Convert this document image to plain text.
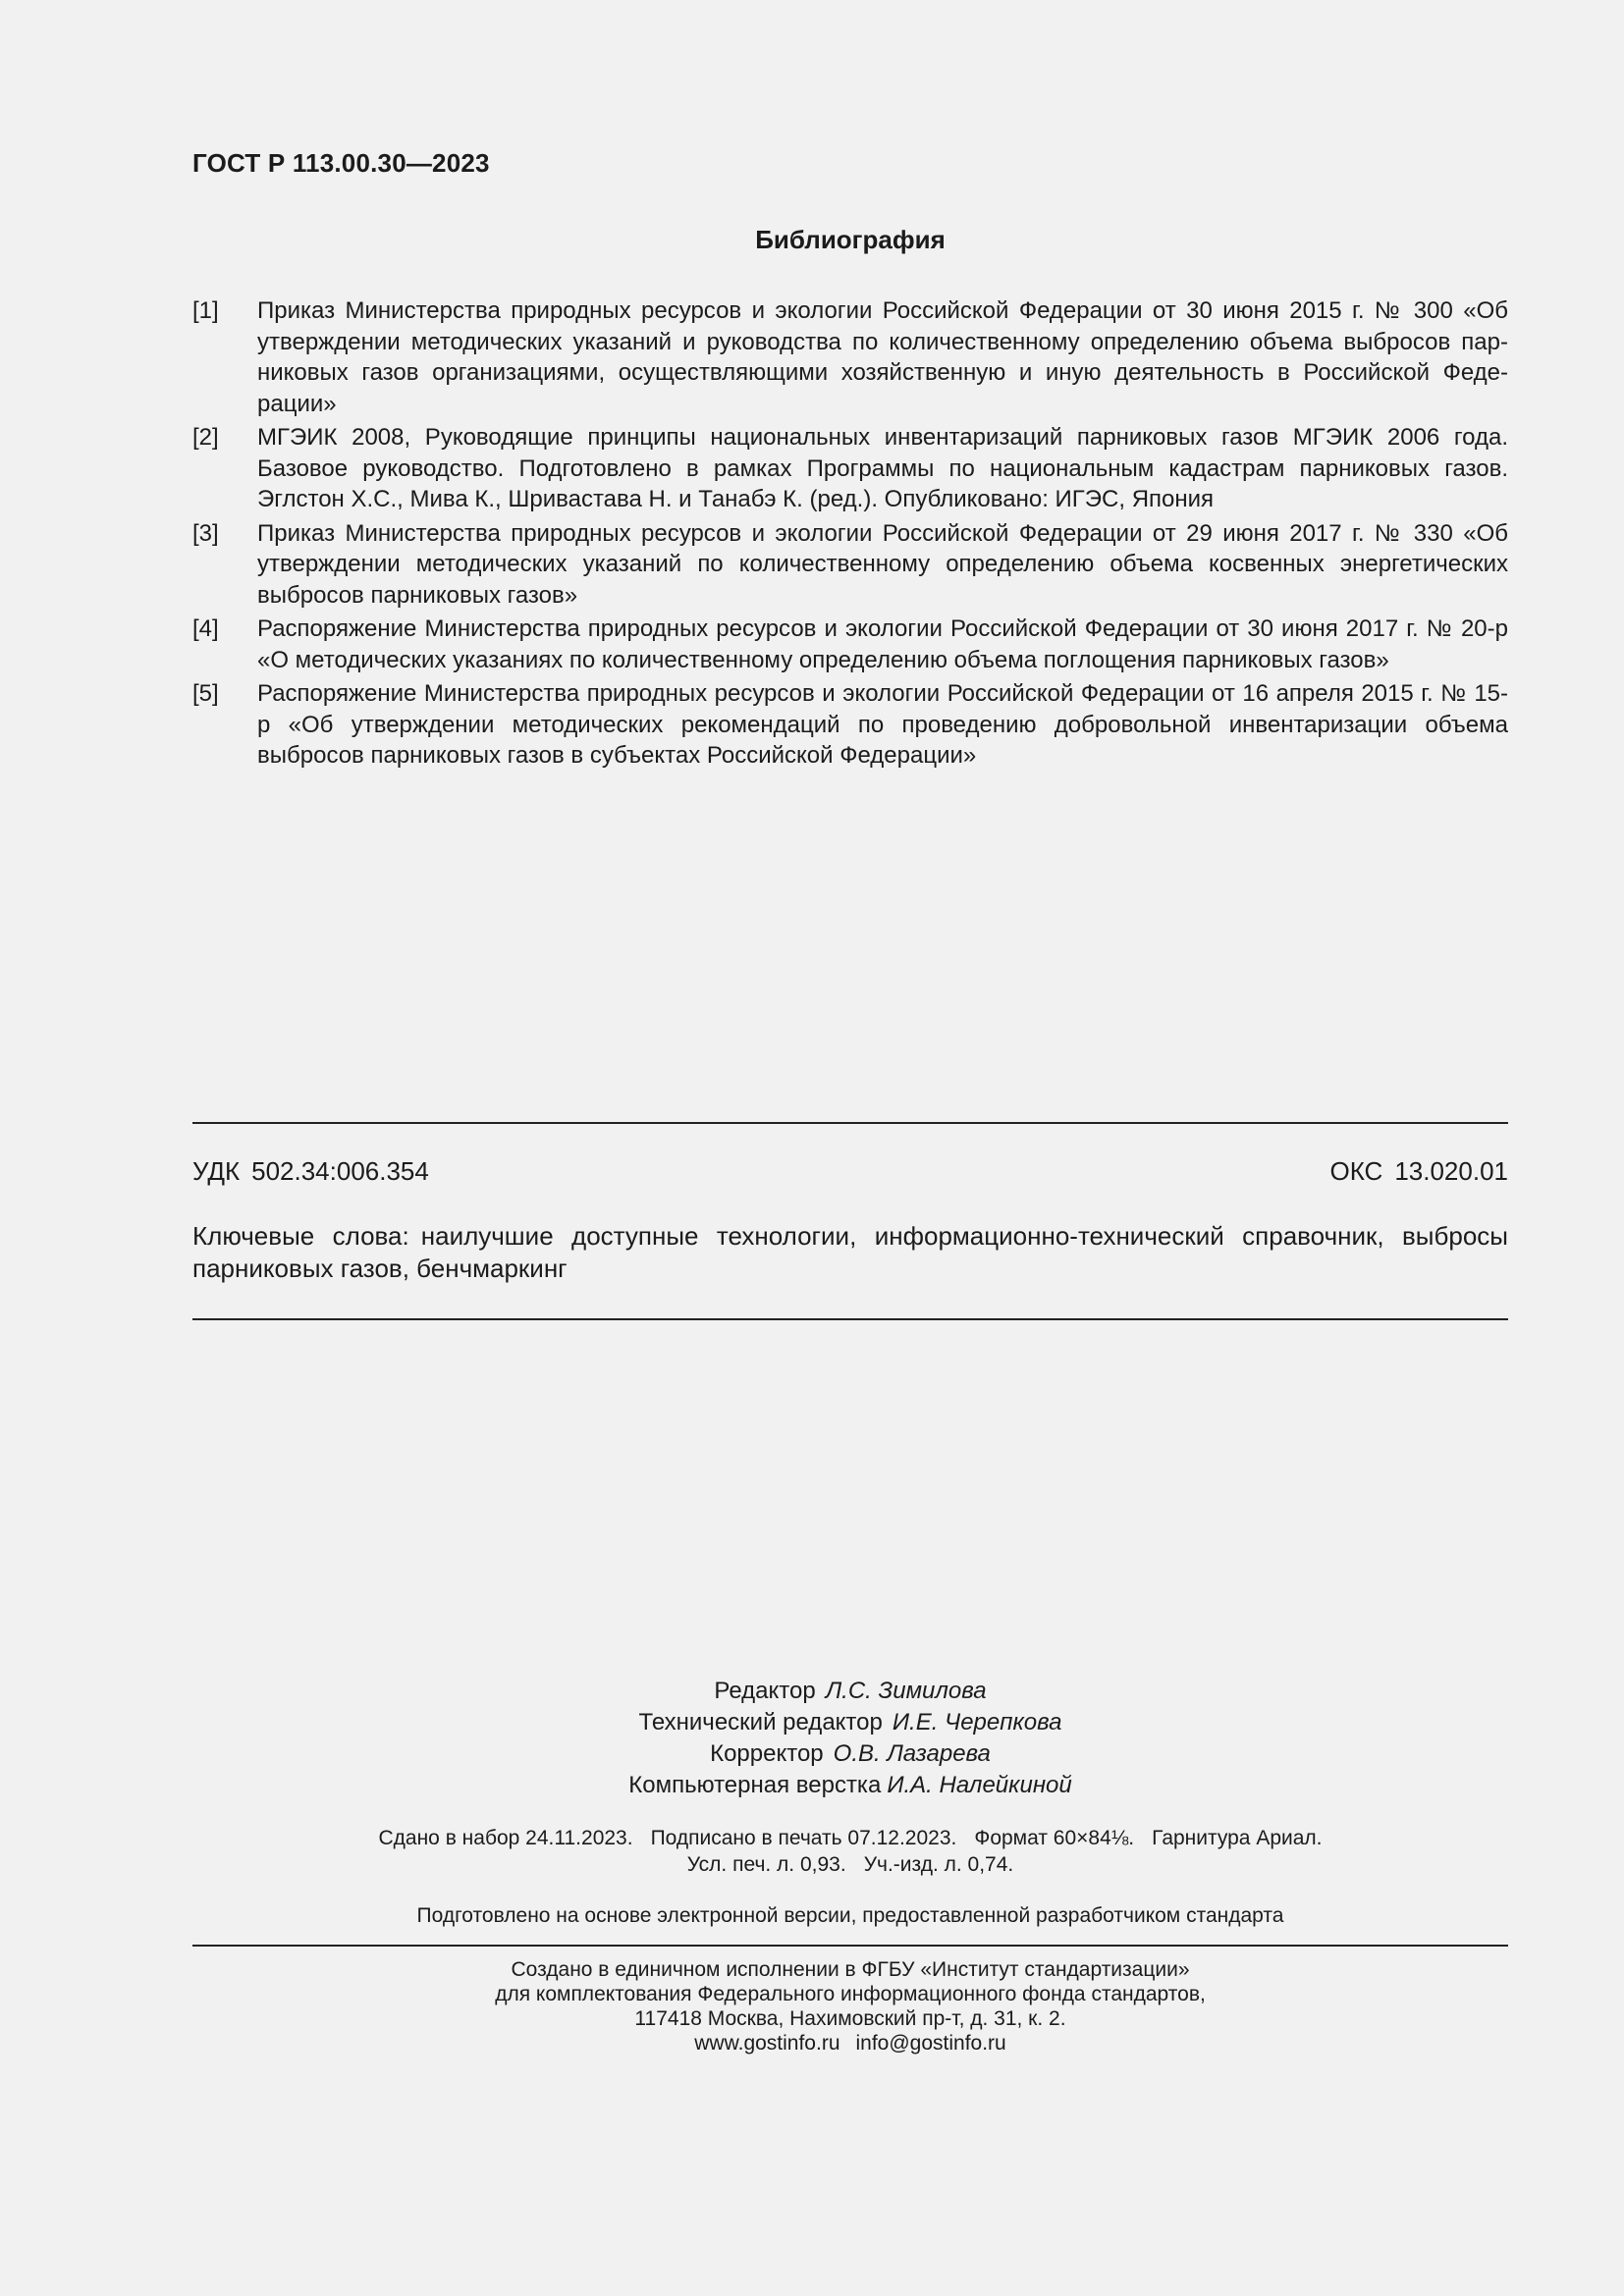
ГОСТ Р 113.00.30—2023
Библиография
[1]	Приказ Министерства природных ресурсов и экологии Российской Федерации от 30 июня 2015 г. № 300 «Об утверждении методических указаний и руководства по количественному определению объема выбросов парниковых газов организациями, осуществляющими хозяйственную и иную деятельность в Российской Федерации»
[2]	МГЭИК 2008, Руководящие принципы национальных инвентаризаций парниковых газов МГЭИК 2006 года. Базовое руководство. Подготовлено в рамках Программы по национальным кадастрам парниковых газов. Эглстон Х.С., Мива К., Шривастава Н. и Танабэ К. (ред.). Опубликовано: ИГЭС, Япония
[3]	Приказ Министерства природных ресурсов и экологии Российской Федерации от 29 июня 2017 г. № 330 «Об утверждении методических указаний по количественному определению объема косвенных энергетических выбросов парниковых газов»
[4]	Распоряжение Министерства природных ресурсов и экологии Российской Федерации от 30 июня 2017 г. № 20-р «О методических указаниях по количественному определению объема поглощения парниковых газов»
[5]	Распоряжение Министерства природных ресурсов и экологии Российской Федерации от 16 апреля 2015 г. № 15-р «Об утверждении методических рекомендаций по проведению добровольной инвентаризации объема выбросов парниковых газов в субъектах Российской Федерации»
УДК 502.34:006.354	ОКС 13.020.01
Ключевые слова: наилучшие доступные технологии, информационно-технический справочник, выбросы парниковых газов, бенчмаркинг
Редактор Л.С. Зимилова
Технический редактор И.Е. Черепкова
Корректор О.В. Лазарева
Компьютерная верстка И.А. Налейкиной
Сдано в набор 24.11.2023. Подписано в печать 07.12.2023. Формат 60×84⅛. Гарнитура Ариал.
Усл. печ. л. 0,93. Уч.-изд. л. 0,74.
Подготовлено на основе электронной версии, предоставленной разработчиком стандарта
Создано в единичном исполнении в ФГБУ «Институт стандартизации»
для комплектования Федерального информационного фонда стандартов,
117418 Москва, Нахимовский пр-т, д. 31, к. 2.
www.gostinfo.ru info@gostinfo.ru
